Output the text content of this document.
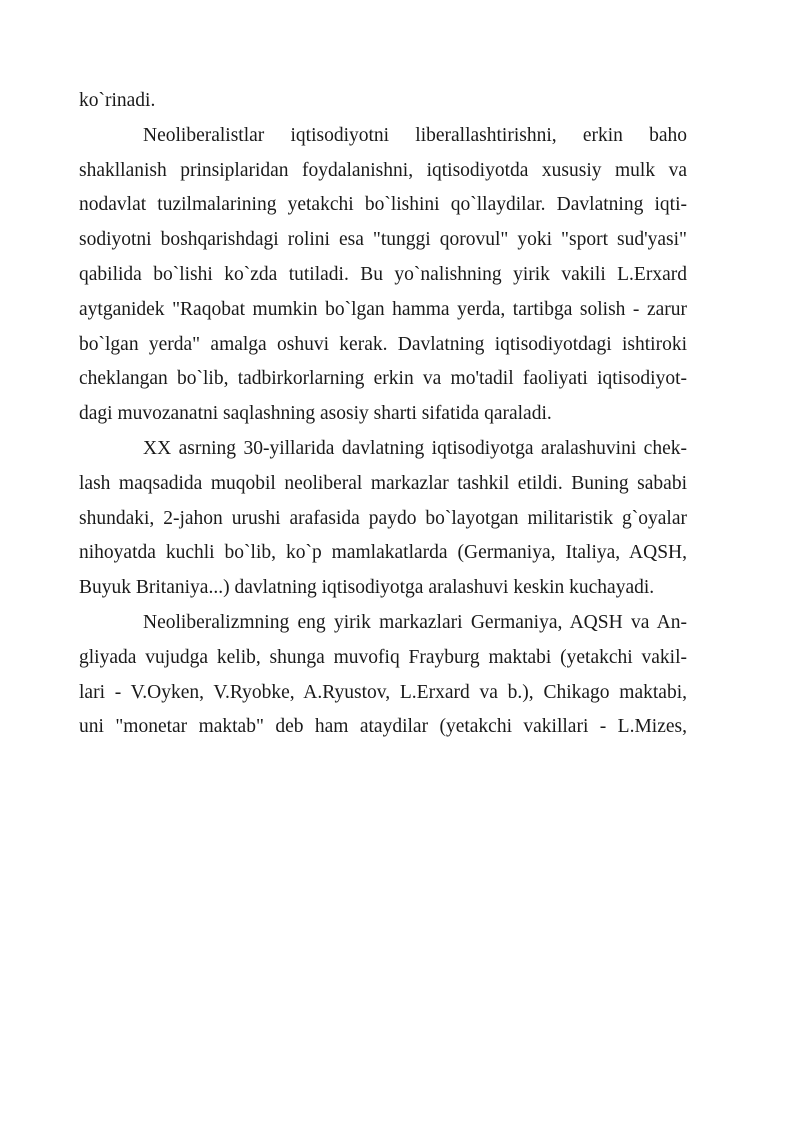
ko`rinadi.
Neoliberalistlar iqtisodiyotni liberallashtirishni, erkin baho
shakllanish prinsiplaridan foydalanishni, iqtisodiyotda xususiy mulk va
nodavlat tuzilmalarining yetakchi bo`lishini qo`llaydilar. Davlatning iqti-
sodiyotni boshqarishdagi rolini esa "tunggi qorovul" yoki "sport sud'yasi"
qabilida bo`lishi ko`zda tutiladi. Bu yo`nalishning yirik vakili L.Erxard
aytganidek "Raqobat mumkin bo`lgan hamma yerda, tartibga solish - zarur
bo`lgan yerda" amalga oshuvi kerak. Davlatning iqtisodiyotdagi ishtiroki
cheklangan bo`lib, tadbirkorlarning erkin va mo'tadil faoliyati iqtisodiyot-
dagi muvozanatni saqlashning asosiy sharti sifatida qaraladi.
XX asrning 30-yillarida davlatning iqtisodiyotga aralashuvini chek-
lash maqsadida muqobil neoliberal markazlar tashkil etildi. Buning sababi
shundaki, 2-jahon urushi arafasida paydo bo`layotgan militaristik g`oyalar
nihoyatda kuchli bo`lib, ko`p mamlakatlarda (Germaniya, Italiya, AQSH,
Buyuk Britaniya...) davlatning iqtisodiyotga aralashuvi keskin kuchayadi.
Neoliberalizmning eng yirik markazlari Germaniya, AQSH va An-
gliyada vujudga kelib, shunga muvofiq Frayburg maktabi (yetakchi vakil-
lari - V.Oyken, V.Ryobke, A.Ryustov, L.Erxard va b.), Chikago maktabi,
uni "monetar maktab" deb ham ataydilar (yetakchi vakillari - L.Mizes,
